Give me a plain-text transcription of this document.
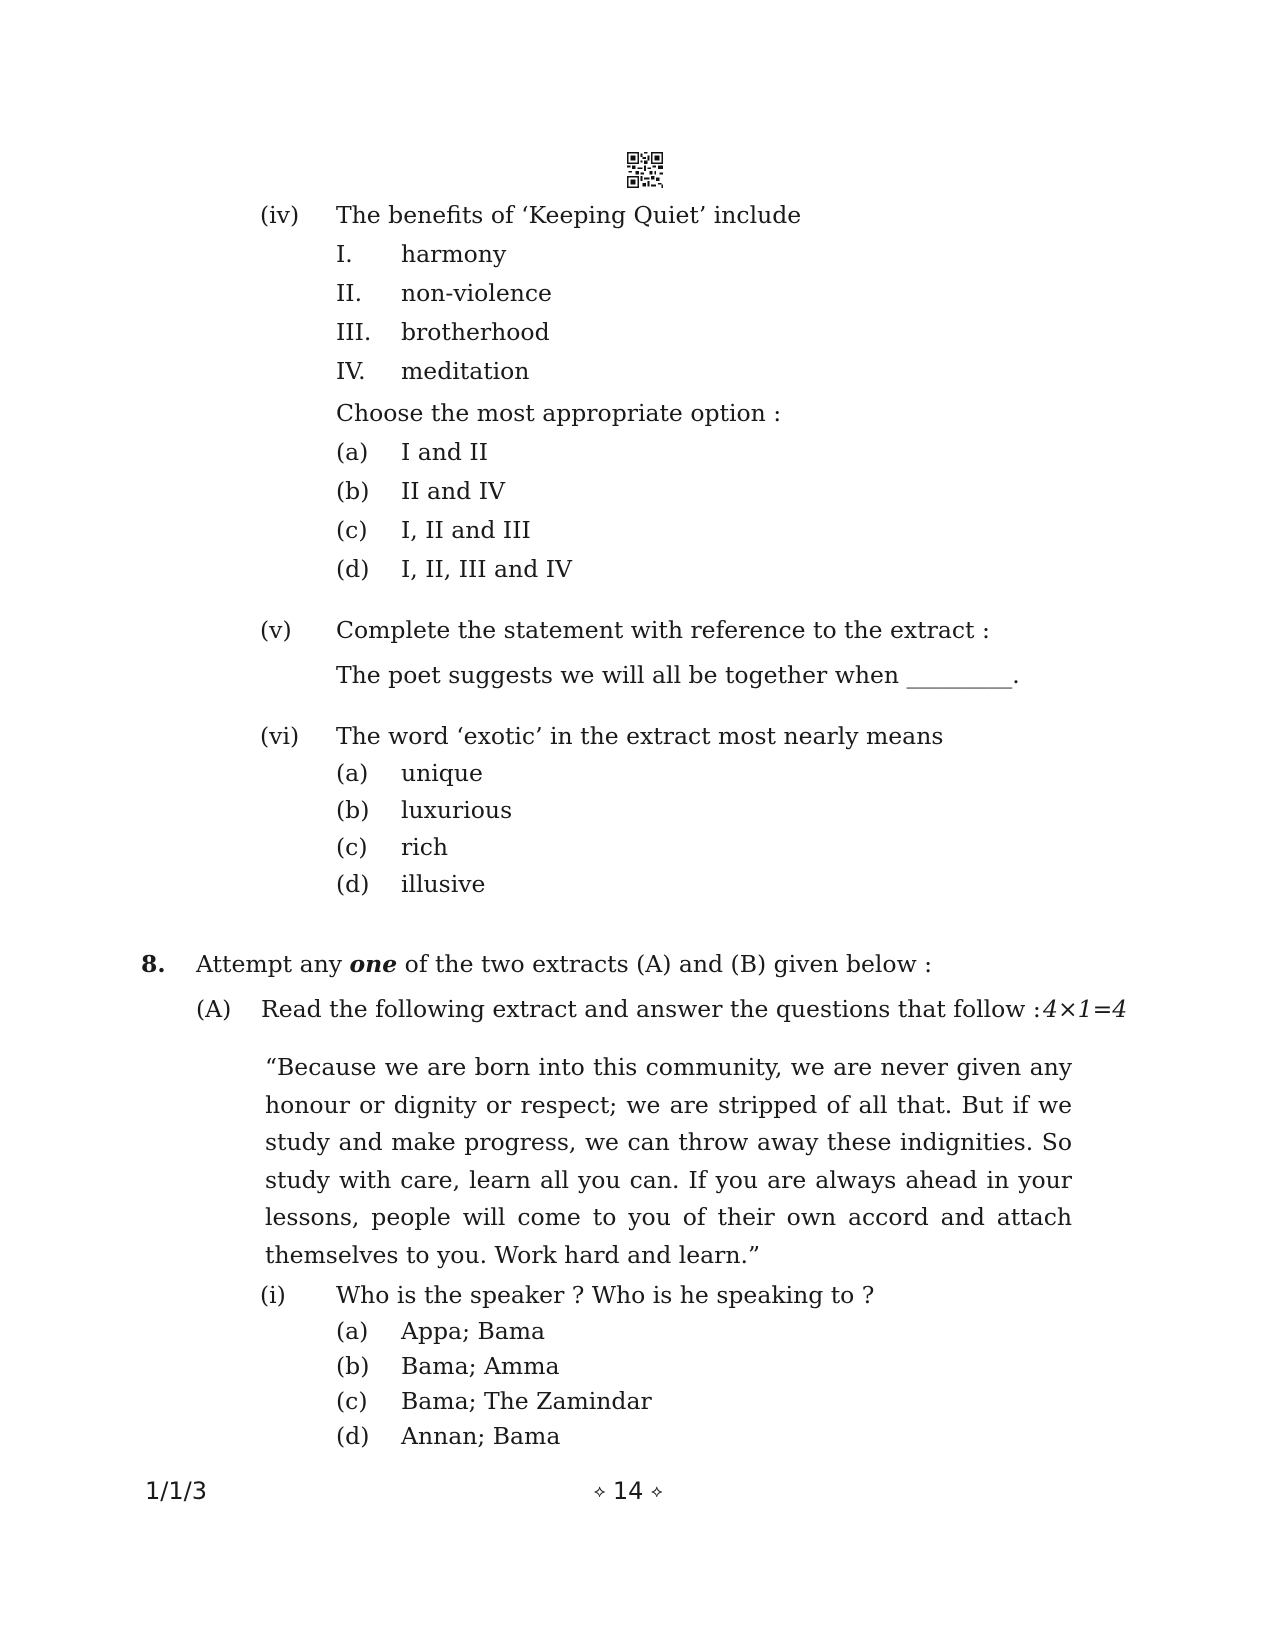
(iv) The benefits of ‘Keeping Quiet’ include
I. harmony
II. non-violence
III. brotherhood
IV. meditation
Choose the most appropriate option :
(a) I and II
(b) II and IV
(c) I, II and III
(d) I, II, III and IV
(v) Complete the statement with reference to the extract :
The poet suggests we will all be together when _________.
(vi) The word ‘exotic’ in the extract most nearly means
(a) unique
(b) luxurious
(c) rich
(d) illusive
8. Attempt any one of the two extracts (A) and (B) given below :
(A) Read the following extract and answer the questions that follow : 4×1=4
“Because we are born into this community, we are never given any honour or dignity or respect; we are stripped of all that. But if we study and make progress, we can throw away these indignities. So study with care, learn all you can. If you are always ahead in your lessons, people will come to you of their own accord and attach themselves to you. Work hard and learn.”
(i) Who is the speaker ? Who is he speaking to ?
(a) Appa; Bama
(b) Bama; Amma
(c) Bama; The Zamindar
(d) Annan; Bama
1/1/3	⟡ 14 ⟡
